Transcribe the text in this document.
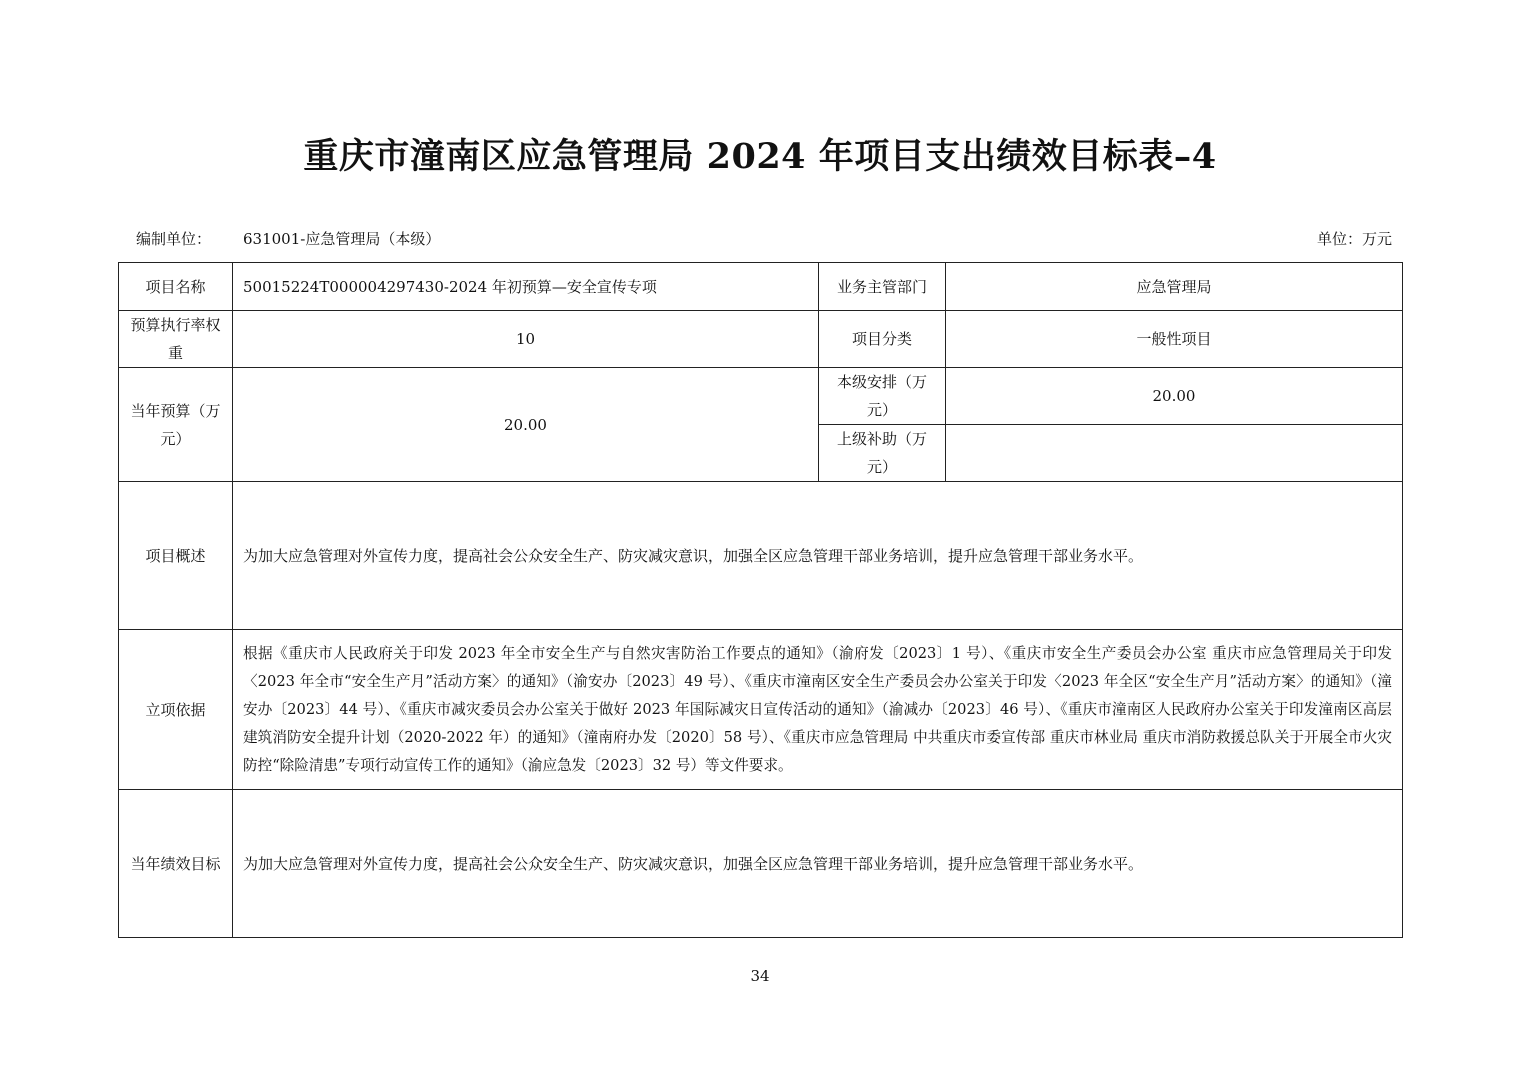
重庆市潼南区应急管理局 2024 年项目支出绩效目标表–4
编制单位： 631001-应急管理局（本级）	单位：万元
项目名称	50015224T000004297430-2024 年初预算—安全宣传专项	业务主管部门	应急管理局
预算执行率权重	10	项目分类	一般性项目
当年预算（万元）	20.00	本级安排（万元）	20.00
		上级补助（万元）	
项目概述	为加大应急管理对外宣传力度，提高社会公众安全生产、防灾减灾意识，加强全区应急管理干部业务培训，提升应急管理干部业务水平。		
立项依据	根据《重庆市人民政府关于印发 2023 年全市安全生产与自然灾害防治工作要点的通知》（渝府发〔2023〕1 号）、《重庆市安全生产委员会办公室 重庆市应急管理局关于印发〈2023 年全市“安全生产月”活动方案〉的通知》（渝安办〔2023〕49 号）、《重庆市潼南区安全生产委员会办公室关于印发〈2023 年全区“安全生产月”活动方案〉的通知》（潼安办〔2023〕44 号）、《重庆市减灾委员会办公室关于做好 2023 年国际减灾日宣传活动的通知》（渝减办〔2023〕46 号）、《重庆市潼南区人民政府办公室关于印发潼南区高层建筑消防安全提升计划（2020-2022 年）的通知》（潼南府办发〔2020〕58 号）、《重庆市应急管理局 中共重庆市委宣传部 重庆市林业局 重庆市消防救援总队关于开展全市火灾防控“除险清患”专项行动宣传工作的通知》（渝应急发〔2023〕32 号）等文件要求。		
当年绩效目标	为加大应急管理对外宣传力度，提高社会公众安全生产、防灾减灾意识，加强全区应急管理干部业务培训，提升应急管理干部业务水平。		
34
